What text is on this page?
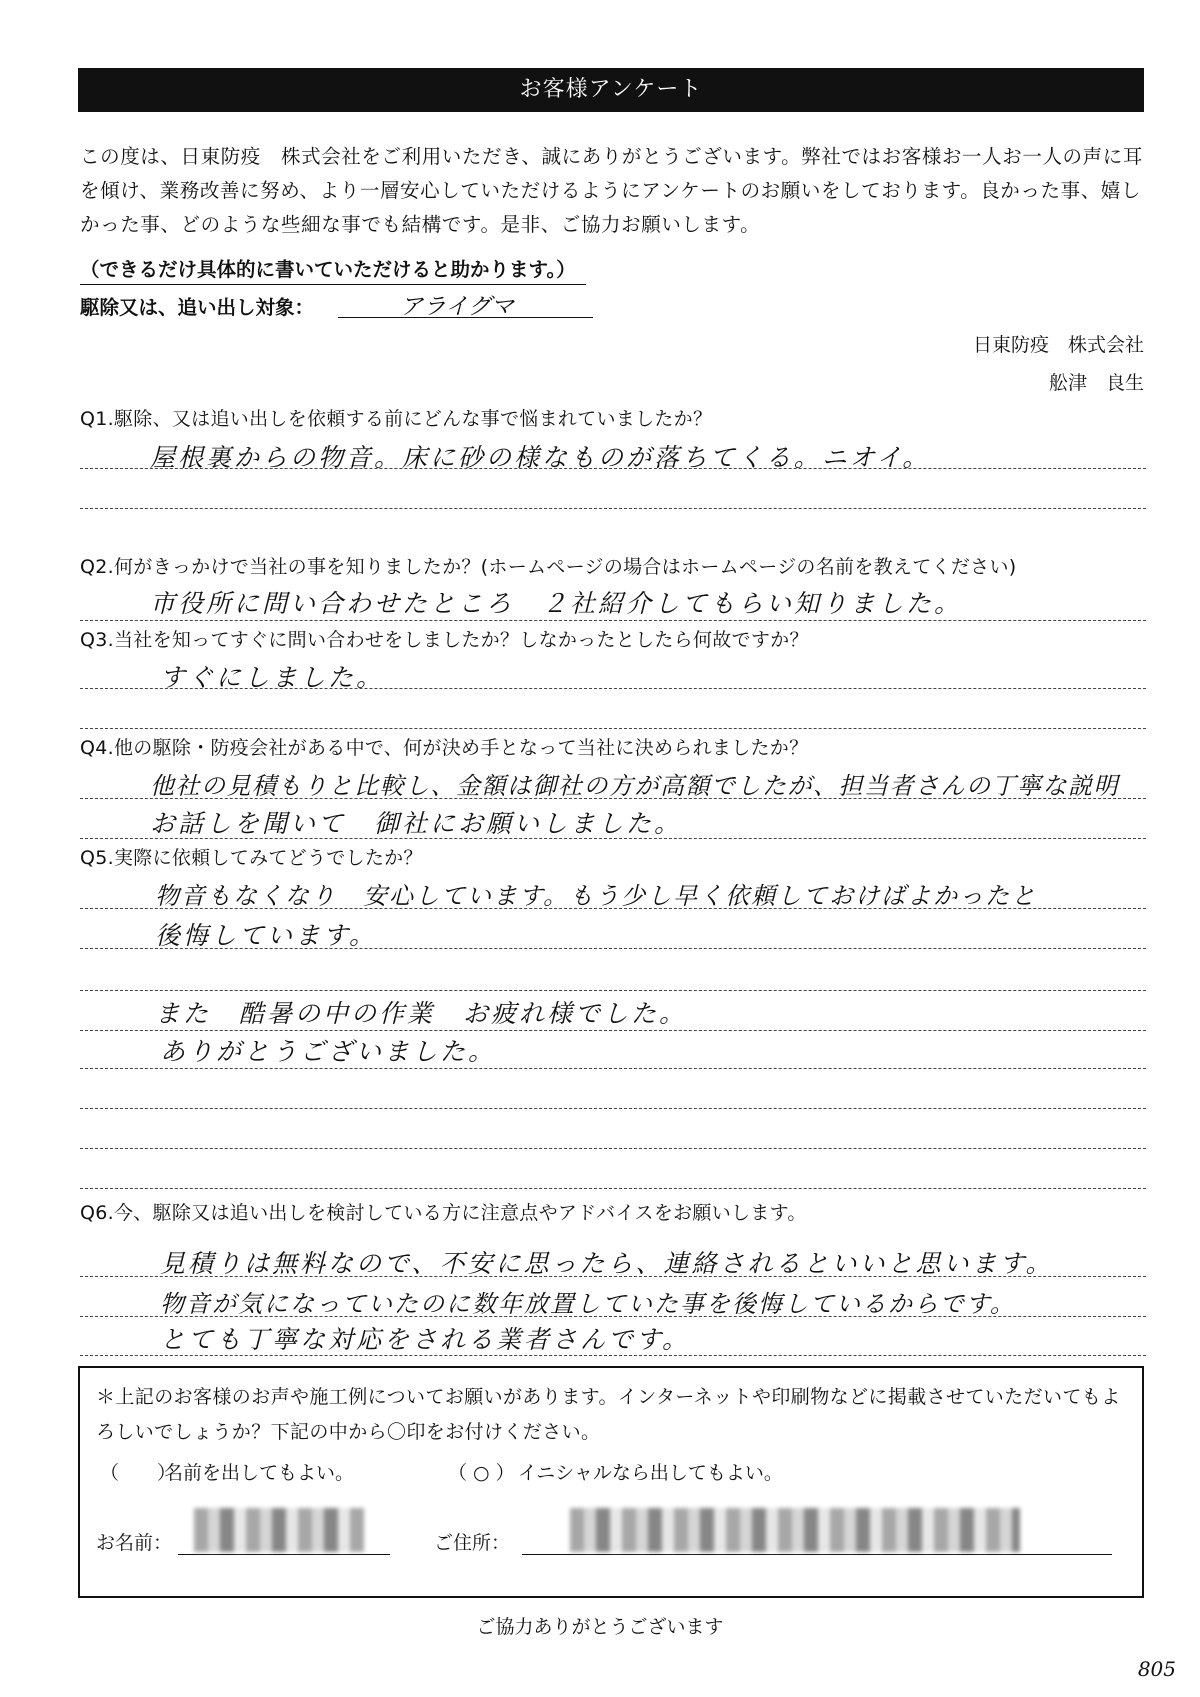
お客様アンケート
この度は、日東防疫　株式会社をご利用いただき、誠にありがとうございます。弊社ではお客様お一人お一人の声に耳を傾け、業務改善に努め、より一層安心していただけるようにアンケートのお願いをしております。良かった事、嬉しかった事、どのような些細な事でも結構です。是非、ご協力お願いします。
（できるだけ具体的に書いていただけると助かります。）
駆除又は、追い出し対象：	アライグマ
日東防疫　株式会社
舩津　良生
Q1.駆除、又は追い出しを依頼する前にどんな事で悩まれていましたか？
屋根裏からの物音。床に砂の様なものが落ちてくる。ニオイ。
Q2.何がきっかけで当社の事を知りましたか？(ホームページの場合はホームページの名前を教えてください)
市役所に問い合わせたところ　２社紹介してもらい知りました。
Q3.当社を知ってすぐに問い合わせをしましたか？しなかったとしたら何故ですか？
すぐにしました。
Q4.他の駆除・防疫会社がある中で、何が決め手となって当社に決められましたか？
他社の見積もりと比較し、金額は御社の方が高額でしたが、担当者さんの丁寧な説明
お話しを聞いて　御社にお願いしました。
Q5.実際に依頼してみてどうでしたか？
物音もなくなり　安心しています。もう少し早く依頼しておけばよかったと
後悔しています。
また　酷暑の中の作業　お疲れ様でした。
ありがとうございました。
Q6.今、駆除又は追い出しを検討している方に注意点やアドバイスをお願いします。
見積りは無料なので、不安に思ったら、連絡されるといいと思います。
物音が気になっていたのに数年放置していた事を後悔しているからです。
とても丁寧な対応をされる業者さんです。
＊上記のお客様のお声や施工例についてお願いがあります。インターネットや印刷物などに掲載させていただいてもよろしいでしょうか？下記の中から〇印をお付けください。
（　　）
名前を出してもよい。	（ ○ ） イニシャルなら出してもよい。
お名前：	ご住所：
ご協力ありがとうございます
805
